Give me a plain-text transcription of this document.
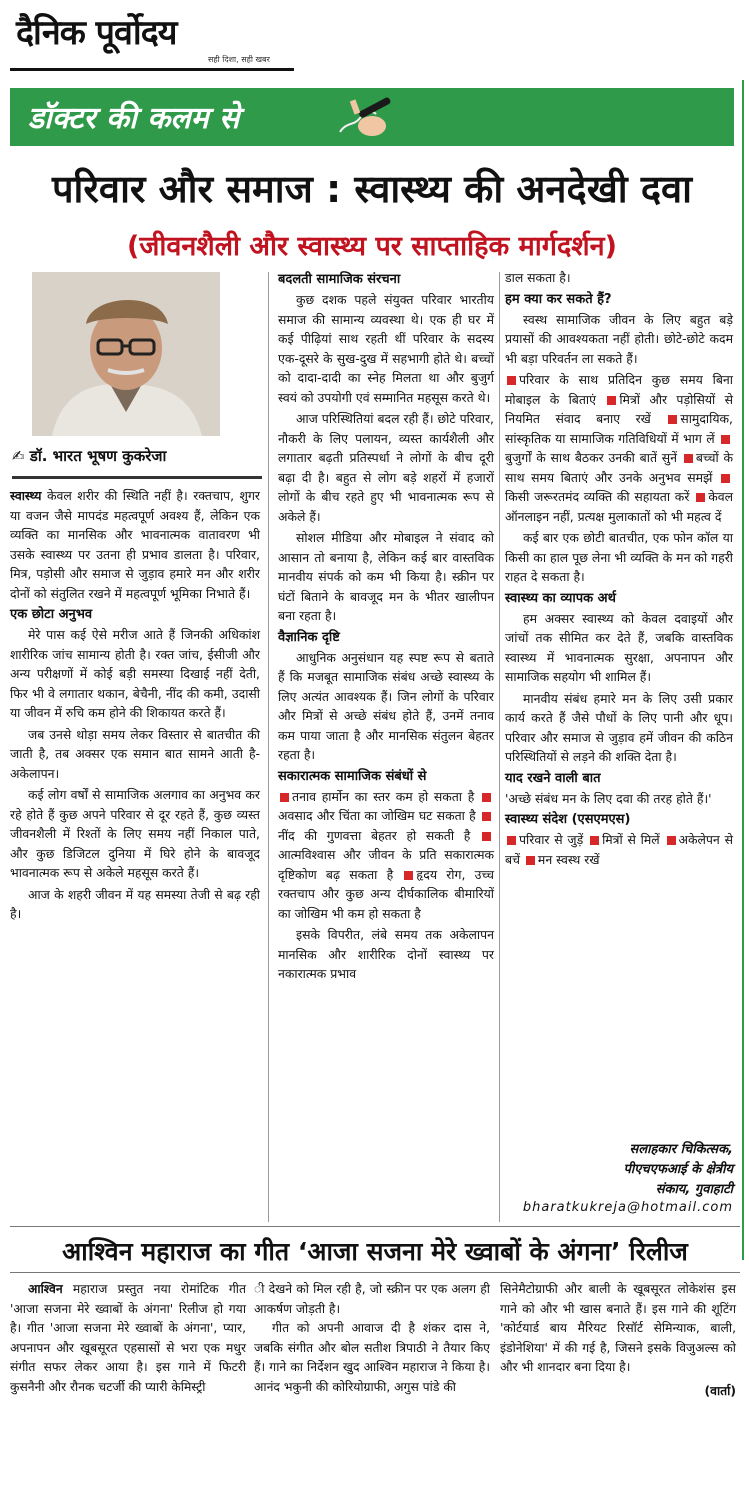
दैनिक पूर्वोदय
सही दिशा, सही खबर
डॉक्टर की कलम से
परिवार और समाज : स्वास्थ्य की अनदेखी दवा
(जीवनशैली और स्वास्थ्य पर साप्ताहिक मार्गदर्शन)
✍ डॉ. भारत भूषण कुकरेजा

स्वास्थ्य केवल शरीर की स्थिति नहीं है। रक्तचाप, शुगर या वजन जैसे मापदंड महत्वपूर्ण अवश्य हैं, लेकिन एक व्यक्ति का मानसिक और भावनात्मक वातावरण भी उसके स्वास्थ्य पर उतना ही प्रभाव डालता है। परिवार, मित्र, पड़ोसी और समाज से जुड़ाव हमारे मन और शरीर दोनों को संतुलित रखने में महत्वपूर्ण भूमिका निभाते हैं।

एक छोटा अनुभव

मेरे पास कई ऐसे मरीज आते हैं जिनकी अधिकांश शारीरिक जांच सामान्य होती है। रक्त जांच, ईसीजी और अन्य परीक्षणों में कोई बड़ी समस्या दिखाई नहीं देती, फिर भी वे लगातार थकान, बेचैनी, नींद की कमी, उदासी या जीवन में रुचि कम होने की शिकायत करते हैं।

जब उनसे थोड़ा समय लेकर विस्तार से बातचीत की जाती है, तब अक्सर एक समान बात सामने आती है-अकेलापन।

कई लोग वर्षों से सामाजिक अलगाव का अनुभव कर रहे होते हैं कुछ अपने परिवार से दूर रहते हैं, कुछ व्यस्त जीवनशैली में रिश्तों के लिए समय नहीं निकाल पाते, और कुछ डिजिटल दुनिया में घिरे होने के बावजूद भावनात्मक रूप से अकेले महसूस करते हैं।

आज के शहरी जीवन में यह समस्या तेजी से बढ़ रही है।

बदलती सामाजिक संरचना

कुछ दशक पहले संयुक्त परिवार भारतीय समाज की सामान्य व्यवस्था थे। एक ही घर में कई पीढ़ियां साथ रहती थीं परिवार के सदस्य एक-दूसरे के सुख-दुख में सहभागी होते थे। बच्चों को दादा-दादी का स्नेह मिलता था और बुजुर्ग स्वयं को उपयोगी एवं सम्मानित महसूस करते थे।

आज परिस्थितियां बदल रही हैं। छोटे परिवार, नौकरी के लिए पलायन, व्यस्त कार्यशैली और लगातार बढ़ती प्रतिस्पर्धा ने लोगों के बीच दूरी बढ़ा दी है। बहुत से लोग बड़े शहरों में हजारों लोगों के बीच रहते हुए भी भावनात्मक रूप से अकेले हैं।

सोशल मीडिया और मोबाइल ने संवाद को आसान तो बनाया है, लेकिन कई बार वास्तविक मानवीय संपर्क को कम भी किया है। स्क्रीन पर घंटों बिताने के बावजूद मन के भीतर खालीपन बना रहता है।

वैज्ञानिक दृष्टि

आधुनिक अनुसंधान यह स्पष्ट रूप से बताते हैं कि मजबूत सामाजिक संबंध अच्छे स्वास्थ्य के लिए अत्यंत आवश्यक हैं। जिन लोगों के परिवार और मित्रों से अच्छे संबंध होते हैं, उनमें तनाव कम पाया जाता है और मानसिक संतुलन बेहतर रहता है।

सकारात्मक सामाजिक संबंधों से

तनाव हार्मोन का स्तर कम हो सकता है अवसाद और चिंता का जोखिम घट सकता है नींद की गुणवत्ता बेहतर हो सकती है आत्मविश्वास और जीवन के प्रति सकारात्मक दृष्टिकोण बढ़ सकता है हृदय रोग, उच्च रक्तचाप और कुछ अन्य दीर्घकालिक बीमारियों का जोखिम भी कम हो सकता है

इसके विपरीत, लंबे समय तक अकेलापन मानसिक और शारीरिक दोनों स्वास्थ्य पर नकारात्मक प्रभाव

डाल सकता है।

हम क्या कर सकते हैं?

स्वस्थ सामाजिक जीवन के लिए बहुत बड़े प्रयासों की आवश्यकता नहीं होती। छोटे-छोटे कदम भी बड़ा परिवर्तन ला सकते हैं।

परिवार के साथ प्रतिदिन कुछ समय बिना मोबाइल के बिताएं मित्रों और पड़ोसियों से नियमित संवाद बनाए रखें सामुदायिक, सांस्कृतिक या सामाजिक गतिविधियों में भाग लें बुजुर्गों के साथ बैठकर उनकी बातें सुनें बच्चों के साथ समय बिताएं और उनके अनुभव समझें किसी जरूरतमंद व्यक्ति की सहायता करें केवल ऑनलाइन नहीं, प्रत्यक्ष मुलाकातों को भी महत्व दें

कई बार एक छोटी बातचीत, एक फोन कॉल या किसी का हाल पूछ लेना भी व्यक्ति के मन को गहरी राहत दे सकता है।

स्वास्थ्य का व्यापक अर्थ

हम अक्सर स्वास्थ्य को केवल दवाइयों और जांचों तक सीमित कर देते हैं, जबकि वास्तविक स्वास्थ्य में भावनात्मक सुरक्षा, अपनापन और सामाजिक सहयोग भी शामिल हैं।

मानवीय संबंध हमारे मन के लिए उसी प्रकार कार्य करते हैं जैसे पौधों के लिए पानी और धूप। परिवार और समाज से जुड़ाव हमें जीवन की कठिन परिस्थितियों से लड़ने की शक्ति देता है।

याद रखने वाली बात

'अच्छे संबंध मन के लिए दवा की तरह होते हैं।'

स्वास्थ्य संदेश (एसएमएस)

परिवार से जुड़ें मित्रों से मिलें अकेलेपन से बचें मन स्वस्थ रखें

सलाहकार चिकित्सक,
पीएचएफआई के क्षेत्रीय
संकाय, गुवाहाटी
bharatkukreja@hotmail.com
आश्विन महाराज का गीत ‘आजा सजना मेरे ख्वाबों के अंगना’ रिलीज

आश्विन महाराज प्रस्तुत नया रोमांटिक गीत 'आजा सजना मेरे ख्वाबों के अंगना' रिलीज हो गया है। गीत 'आजा सजना मेरे ख्वाबों के अंगना', प्यार, अपनापन और खूबसूरत एहसासों से भरा एक मधुर संगीत सफर लेकर आया है। इस गाने में फिटरी कुसनैनी और रौनक चटर्जी की प्यारी केमिस्ट्री

ी देखने को मिल रही है, जो स्क्रीन पर एक अलग ही आकर्षण जोड़ती है।

गीत को अपनी आवाज दी है शंकर दास ने, जबकि संगीत और बोल सतीश त्रिपाठी ने तैयार किए हैं। गाने का निर्देशन खुद आश्विन महाराज ने किया है। आनंद भकुनी की कोरियोग्राफी, अगुस पांडे की

सिनेमैटोग्राफी और बाली के खूबसूरत लोकेशंस इस गाने को और भी खास बनाते हैं। इस गाने की शूटिंग 'कोर्टयार्ड बाय मैरियट रिसॉर्ट सेमिन्याक, बाली, इंडोनेशिया' में की गई है, जिसने इसके विजुअल्स को और भी शानदार बना दिया है।

(वार्ता)
